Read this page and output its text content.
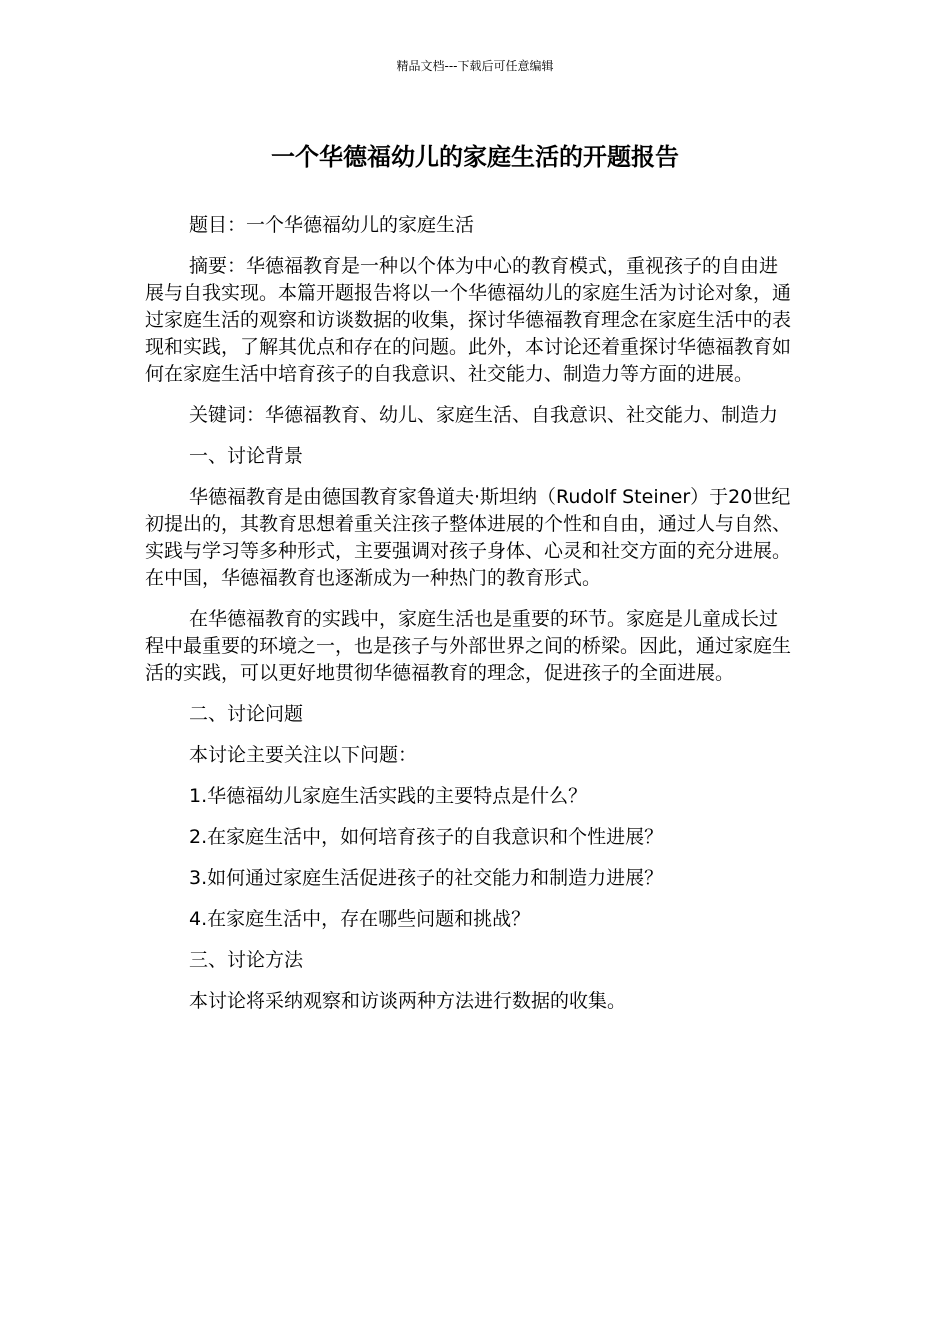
精品文档---下载后可任意编辑
一个华德福幼儿的家庭生活的开题报告

题目：一个华德福幼儿的家庭生活

摘要：华德福教育是一种以个体为中心的教育模式，重视孩子的自由进展与自我实现。本篇开题报告将以一个华德福幼儿的家庭生活为讨论对象，通过家庭生活的观察和访谈数据的收集，探讨华德福教育理念在家庭生活中的表现和实践，了解其优点和存在的问题。此外，本讨论还着重探讨华德福教育如何在家庭生活中培育孩子的自我意识、社交能力、制造力等方面的进展。

关键词：华德福教育、幼儿、家庭生活、自我意识、社交能力、制造力

一、讨论背景

华德福教育是由德国教育家鲁道夫·斯坦纳（Rudolf Steiner）于20世纪初提出的，其教育思想着重关注孩子整体进展的个性和自由，通过人与自然、实践与学习等多种形式，主要强调对孩子身体、心灵和社交方面的充分进展。在中国，华德福教育也逐渐成为一种热门的教育形式。

在华德福教育的实践中，家庭生活也是重要的环节。家庭是儿童成长过程中最重要的环境之一，也是孩子与外部世界之间的桥梁。因此，通过家庭生活的实践，可以更好地贯彻华德福教育的理念，促进孩子的全面进展。

二、讨论问题

本讨论主要关注以下问题：

1.华德福幼儿家庭生活实践的主要特点是什么？

2.在家庭生活中，如何培育孩子的自我意识和个性进展？

3.如何通过家庭生活促进孩子的社交能力和制造力进展？

4.在家庭生活中，存在哪些问题和挑战？

三、讨论方法

本讨论将采纳观察和访谈两种方法进行数据的收集。
